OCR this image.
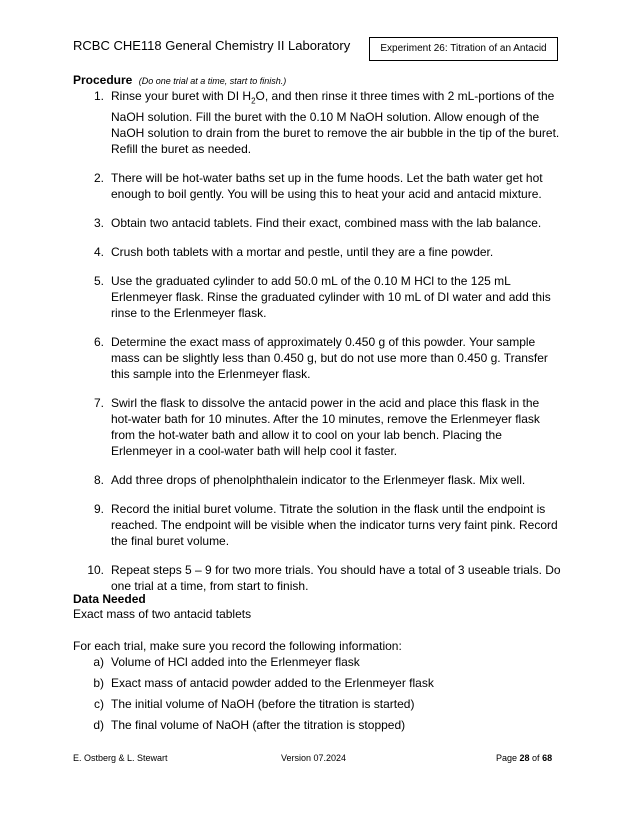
RCBC CHE118 General Chemistry II Laboratory	Experiment 26: Titration of an Antacid
Procedure (Do one trial at a time, start to finish.)
1. Rinse your buret with DI $H_2O$, and then rinse it three times with 2 mL-portions of the NaOH solution. Fill the buret with the 0.10 M NaOH solution. Allow enough of the NaOH solution to drain from the buret to remove the air bubble in the tip of the buret. Refill the buret as needed.
2. There will be hot-water baths set up in the fume hoods. Let the bath water get hot enough to boil gently. You will be using this to heat your acid and antacid mixture.
3. Obtain two antacid tablets. Find their exact, combined mass with the lab balance.
4. Crush both tablets with a mortar and pestle, until they are a fine powder.
5. Use the graduated cylinder to add 50.0 mL of the 0.10 M HCl to the 125 mL Erlenmeyer flask. Rinse the graduated cylinder with 10 mL of DI water and add this rinse to the Erlenmeyer flask.
6. Determine the exact mass of approximately 0.450 g of this powder. Your sample mass can be slightly less than 0.450 g, but do not use more than 0.450 g. Transfer this sample into the Erlenmeyer flask.
7. Swirl the flask to dissolve the antacid power in the acid and place this flask in the hot-water bath for 10 minutes. After the 10 minutes, remove the Erlenmeyer flask from the hot-water bath and allow it to cool on your lab bench. Placing the Erlenmeyer in a cool-water bath will help cool it faster.
8. Add three drops of phenolphthalein indicator to the Erlenmeyer flask. Mix well.
9. Record the initial buret volume. Titrate the solution in the flask until the endpoint is reached. The endpoint will be visible when the indicator turns very faint pink. Record the final buret volume.
10. Repeat steps 5 – 9 for two more trials. You should have a total of 3 useable trials. Do one trial at a time, from start to finish.
Data Needed
Exact mass of two antacid tablets
For each trial, make sure you record the following information:
a) Volume of HCl added into the Erlenmeyer flask
b) Exact mass of antacid powder added to the Erlenmeyer flask
c) The initial volume of NaOH (before the titration is started)
d) The final volume of NaOH (after the titration is stopped)
E. Ostberg & L. Stewart	Version 07.2024	Page 28 of 68
